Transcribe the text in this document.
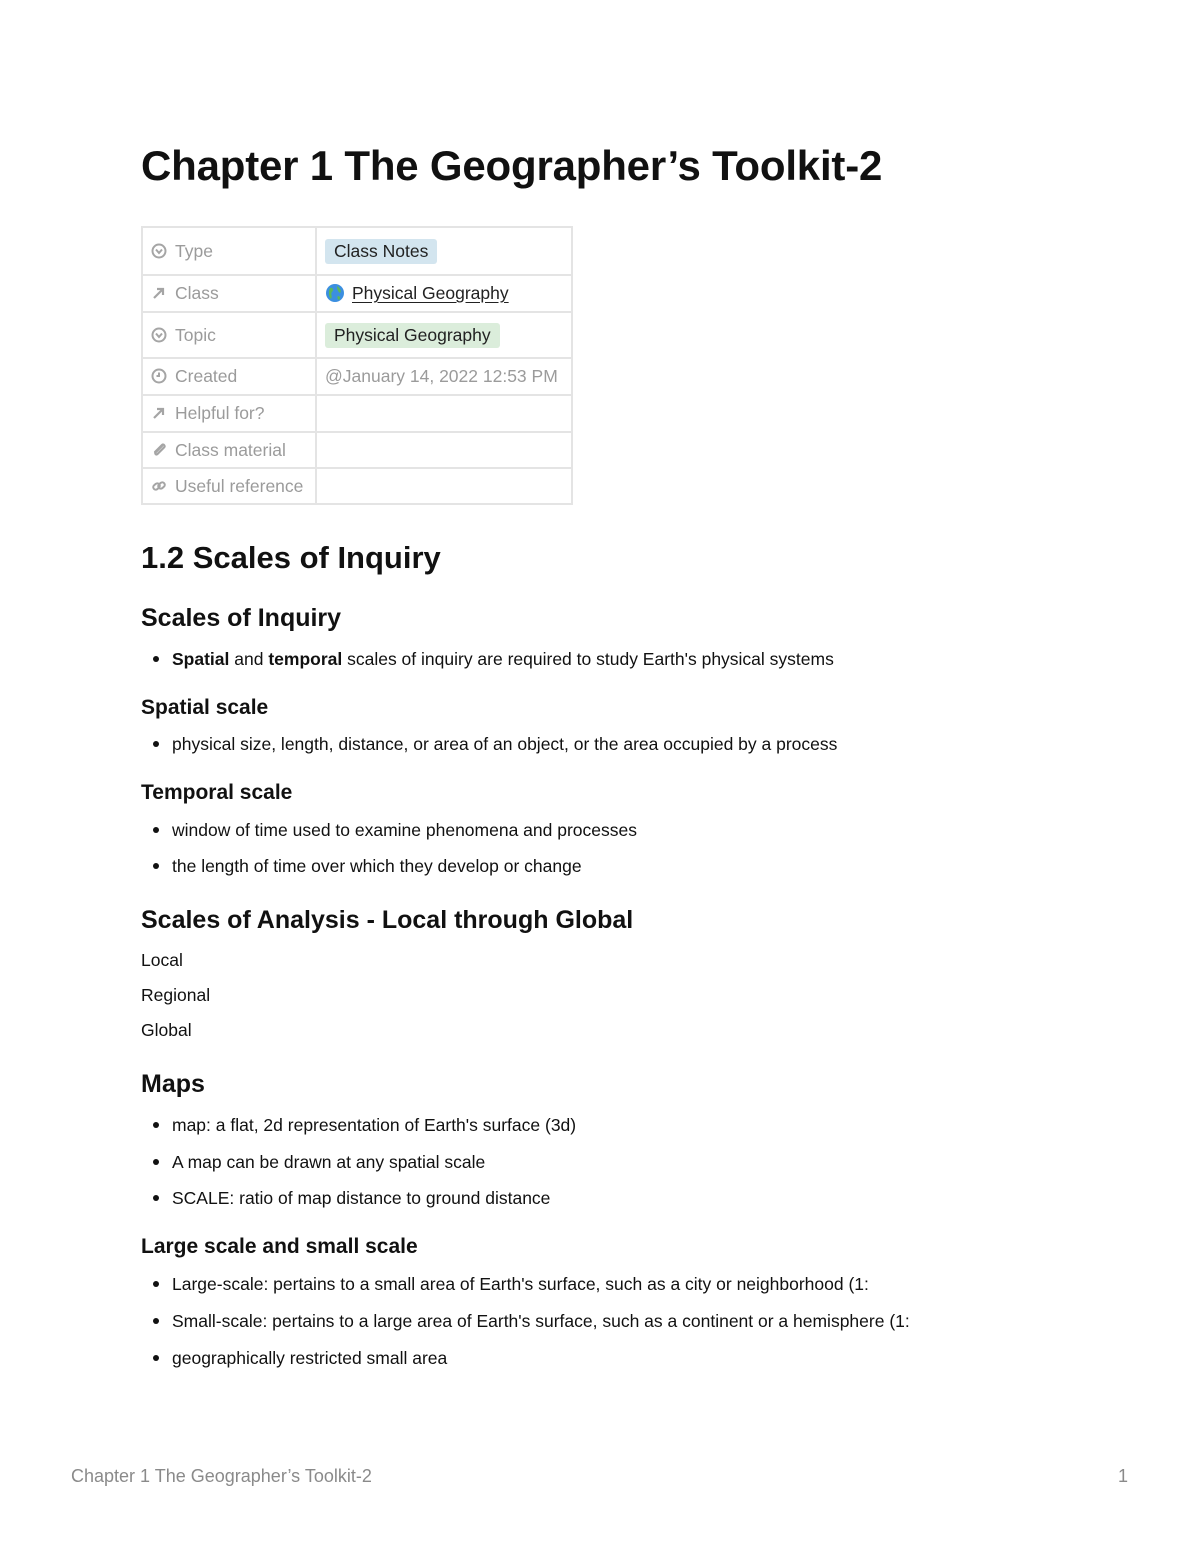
Chapter 1 The Geographer’s Toolkit-2
Type	Class Notes
Class	Physical Geography
Topic	Physical Geography
Created	@January 14, 2022 12:53 PM
Helpful for?	
Class material	
Useful reference	
1.2 Scales of Inquiry
Scales of Inquiry
Spatial and temporal scales of inquiry are required to study Earth's physical systems
Spatial scale
physical size, length, distance, or area of an object, or the area occupied by a process
Temporal scale
window of time used to examine phenomena and processes
the length of time over which they develop or change
Scales of Analysis - Local through Global
Local
Regional
Global
Maps
map: a flat, 2d representation of Earth's surface (3d)
A map can be drawn at any spatial scale
SCALE: ratio of map distance to ground distance
Large scale and small scale
Large-scale: pertains to a small area of Earth's surface, such as a city or neighborhood (1:
Small-scale: pertains to a large area of Earth's surface, such as a continent or a hemisphere (1:
geographically restricted small area
Chapter 1 The Geographer’s Toolkit-2	1
